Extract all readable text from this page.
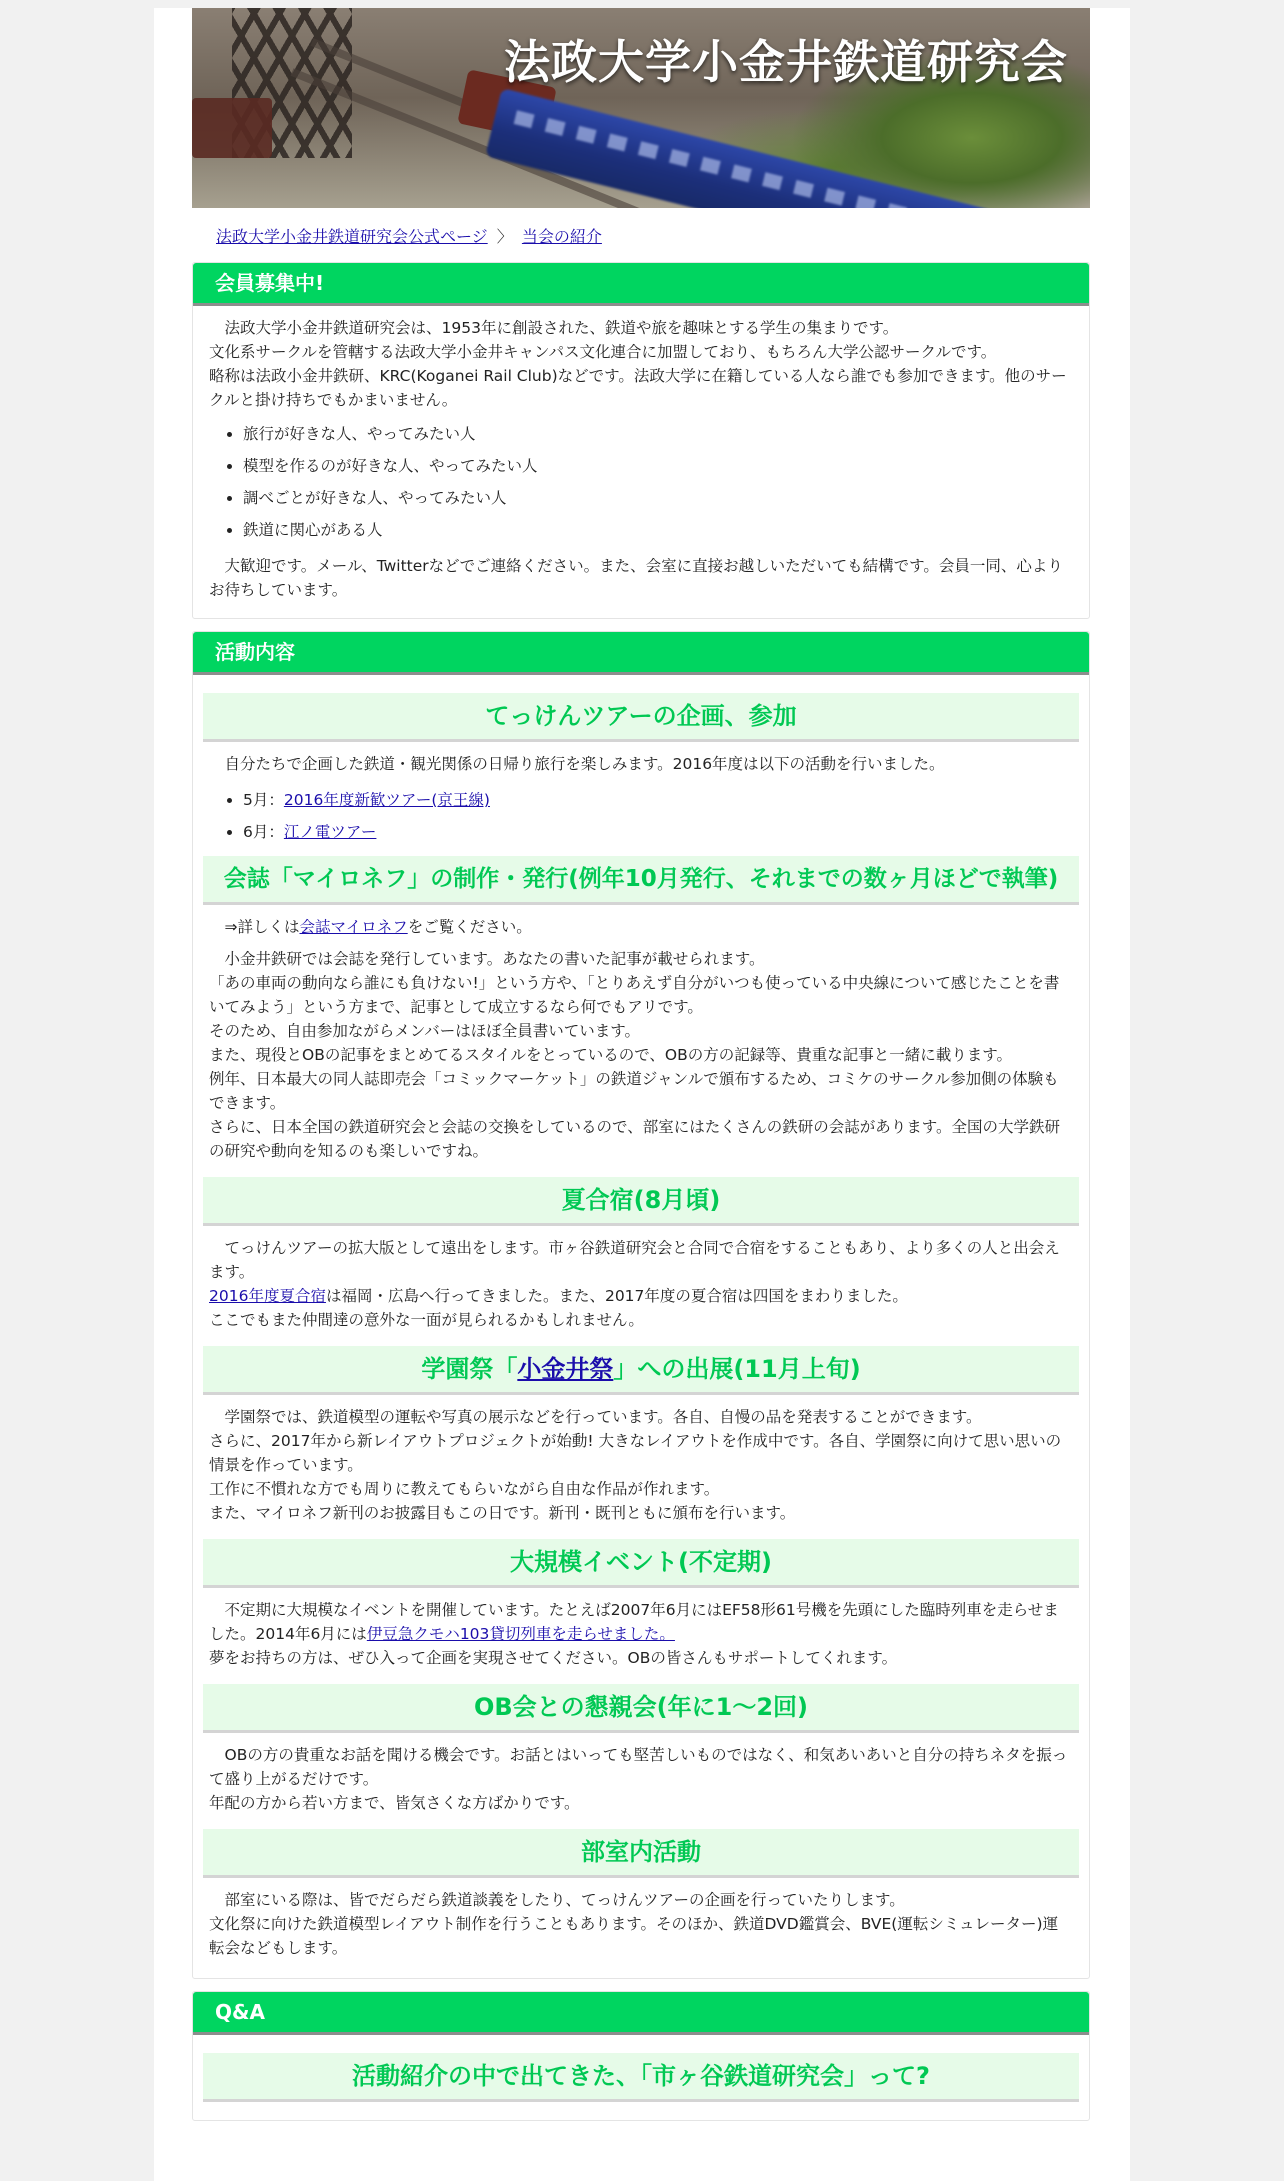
法政大学小金井鉄道研究会
法政大学小金井鉄道研究会公式ページ 〉 当会の紹介
会員募集中!
　法政大学小金井鉄道研究会は、1953年に創設された、鉄道や旅を趣味とする学生の集まりです。
文化系サークルを管轄する法政大学小金井キャンパス文化連合に加盟しており、もちろん大学公認サークルです。
略称は法政小金井鉄研、KRC(Koganei Rail Club)などです。法政大学に在籍している人なら誰でも参加できます。他のサークルと掛け持ちでもかまいません。
• 旅行が好きな人、やってみたい人
• 模型を作るのが好きな人、やってみたい人
• 調べごとが好きな人、やってみたい人
• 鉄道に関心がある人

　大歓迎です。メール、Twitterなどでご連絡ください。また、会室に直接お越しいただいても結構です。会員一同、心よりお待ちしています。

活動内容
てっけんツアーの企画、参加

　自分たちで企画した鉄道・観光関係の日帰り旅行を楽しみます。2016年度は以下の活動を行いました。

• 5月：2016年度新歓ツアー(京王線)
• 6月：江ノ電ツアー
会誌「マイロネフ」の制作・発行(例年10月発行、それまでの数ヶ月ほどで執筆)

　⇒詳しくは会誌マイロネフをご覧ください。

　小金井鉄研では会誌を発行しています。あなたの書いた記事が載せられます。
「あの車両の動向なら誰にも負けない!」という方や、「とりあえず自分がいつも使っている中央線について感じたことを書いてみよう」という方まで、記事として成立するなら何でもアリです。
そのため、自由参加ながらメンバーはほぼ全員書いています。
また、現役とOBの記事をまとめてるスタイルをとっているので、OBの方の記録等、貴重な記事と一緒に載ります。
例年、日本最大の同人誌即売会「コミックマーケット」の鉄道ジャンルで頒布するため、コミケのサークル参加側の体験もできます。
さらに、日本全国の鉄道研究会と会誌の交換をしているので、部室にはたくさんの鉄研の会誌があります。全国の大学鉄研の研究や動向を知るのも楽しいですね。
夏合宿(8月頃)
　てっけんツアーの拡大版として遠出をします。市ヶ谷鉄道研究会と合同で合宿をすることもあり、より多くの人と出会えます。
2016年度夏合宿は福岡・広島へ行ってきました。また、2017年度の夏合宿は四国をまわりました。
ここでもまた仲間達の意外な一面が見られるかもしれません。
学園祭「小金井祭」への出展(11月上旬)
　学園祭では、鉄道模型の運転や写真の展示などを行っています。各自、自慢の品を発表することができます。
さらに、2017年から新レイアウトプロジェクトが始動! 大きなレイアウトを作成中です。各自、学園祭に向けて思い思いの情景を作っています。
工作に不慣れな方でも周りに教えてもらいながら自由な作品が作れます。
また、マイロネフ新刊のお披露目もこの日です。新刊・既刊ともに頒布を行います。
大規模イベント(不定期)
　不定期に大規模なイベントを開催しています。たとえば2007年6月にはEF58形61号機を先頭にした臨時列車を走らせました。2014年6月には伊豆急クモハ103貸切列車を走らせました。
夢をお持ちの方は、ぜひ入って企画を実現させてください。OBの皆さんもサポートしてくれます。
OB会との懇親会(年に1〜2回)
　OBの方の貴重なお話を聞ける機会です。お話とはいっても堅苦しいものではなく、和気あいあいと自分の持ちネタを振って盛り上がるだけです。
年配の方から若い方まで、皆気さくな方ばかりです。
部室内活動
　部室にいる際は、皆でだらだら鉄道談義をしたり、てっけんツアーの企画を行っていたりします。
文化祭に向けた鉄道模型レイアウト制作を行うこともあります。そのほか、鉄道DVD鑑賞会、BVE(運転シミュレーター)運転会などもします。
Q&A
活動紹介の中で出てきた、「市ヶ谷鉄道研究会」って?
